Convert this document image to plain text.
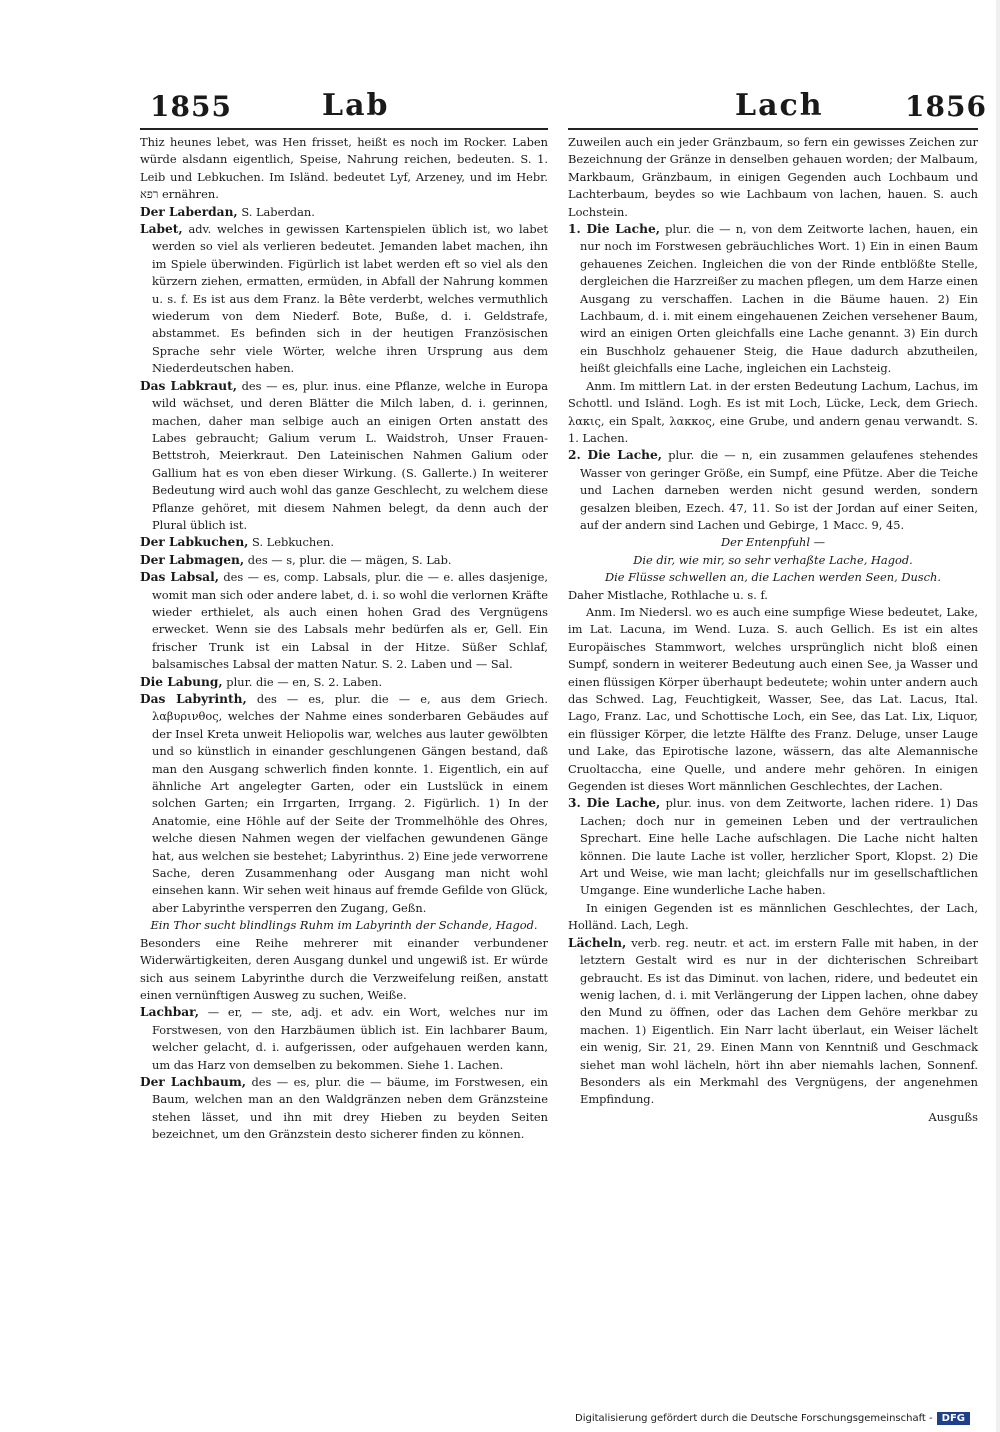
1855	Lab	Lach	1856

Thiz heunes lebet, was Hen frisset, heißt es noch im Rocker. Laben würde alsdann eigentlich, Speise, Nahrung reichen, bedeuten. S. 1. Leib und Lebkuchen. Im Isländ. bedeutet Lyf, Arzeney, und im Hebr. רפא ernähren.

Der Laberdan, S. Laberdan.

Labet, adv. welches in gewissen Kartenspielen üblich ist, wo labet werden so viel als verlieren bedeutet. Jemanden labet machen, ihn im Spiele überwinden. Figürlich ist labet werden eft so viel als den kürzern ziehen, ermatten, ermüden, in Abfall der Nahrung kommen u. s. f. Es ist aus dem Franz. la Bête verderbt, welches vermuthlich wiederum von dem Niederf. Bote, Buße, d. i. Geldstrafe, abstammet. Es befinden sich in der heutigen Französischen Sprache sehr viele Wörter, welche ihren Ursprung aus dem Niederdeutschen haben.

Das Labkraut, des — es, plur. inus. eine Pflanze, welche in Europa wild wächset, und deren Blätter die Milch laben, d. i. gerinnen, machen, daher man selbige auch an einigen Orten anstatt des Labes gebraucht; Galium verum L. Waidstroh, Unser Frauen-Bettstroh, Meierkraut. Den Lateinischen Nahmen Galium oder Gallium hat es von eben dieser Wirkung. (S. Gallerte.) In weiterer Bedeutung wird auch wohl das ganze Geschlecht, zu welchem diese Pflanze gehöret, mit diesem Nahmen belegt, da denn auch der Plural üblich ist.

Der Labkuchen, S. Lebkuchen.

Der Labmagen, des — s, plur. die — mägen, S. Lab.

Das Labsal, des — es, comp. Labsals, plur. die — e. alles dasjenige, womit man sich oder andere labet, d. i. so wohl die verlornen Kräfte wieder erthielet, als auch einen hohen Grad des Vergnügens erwecket. Wenn sie des Labsals mehr bedürfen als er, Gell. Ein frischer Trunk ist ein Labsal in der Hitze. Süßer Schlaf, balsamisches Labsal der matten Natur. S. 2. Laben und — Sal.

Die Labung, plur. die — en, S. 2. Laben.

Das Labyrinth, des — es, plur. die — e, aus dem Griech. λαβυρινθος, welches der Nahme eines sonderbaren Gebäudes auf der Insel Kreta unweit Heliopolis war, welches aus lauter gewölbten und so künstlich in einander geschlungenen Gängen bestand, daß man den Ausgang schwerlich finden konnte. 1. Eigentlich, ein auf ähnliche Art angelegter Garten, oder ein Lustslück in einem solchen Garten; ein Irrgarten, Irrgang. 2. Figürlich. 1) In der Anatomie, eine Höhle auf der Seite der Trommelhöhle des Ohres, welche diesen Nahmen wegen der vielfachen gewundenen Gänge hat, aus welchen sie bestehet; Labyrinthus. 2) Eine jede verworrene Sache, deren Zusammenhang oder Ausgang man nicht wohl einsehen kann. Wir sehen weit hinaus auf fremde Gefilde von Glück, aber Labyrinthe versperren den Zugang, Geßn.

Ein Thor sucht blindlings Ruhm im Labyrinth der Schande, Hagod.

Besonders eine Reihe mehrerer mit einander verbundener Widerwärtigkeiten, deren Ausgang dunkel und ungewiß ist. Er würde sich aus seinem Labyrinthe durch die Verzweifelung reißen, anstatt einen vernünftigen Ausweg zu suchen, Weiße.

Lachbar, — er, — ste, adj. et adv. ein Wort, welches nur im Forstwesen, von den Harzbäumen üblich ist. Ein lachbarer Baum, welcher gelacht, d. i. aufgerissen, oder aufgehauen werden kann, um das Harz von demselben zu bekommen. Siehe 1. Lachen.

Der Lachbaum, des — es, plur. die — bäume, im Forstwesen, ein Baum, welchen man an den Waldgränzen neben dem Gränzsteine stehen lässet, und ihn mit drey Hieben zu beyden Seiten bezeichnet, um den Gränzstein desto sicherer finden zu können.

Zuweilen auch ein jeder Gränzbaum, so fern ein gewisses Zeichen zur Bezeichnung der Gränze in denselben gehauen worden; der Malbaum, Markbaum, Gränzbaum, in einigen Gegenden auch Lochbaum und Lachterbaum, beydes so wie Lachbaum von lachen, hauen. S. auch Lochstein.

1. Die Lache, plur. die — n, von dem Zeitworte lachen, hauen, ein nur noch im Forstwesen gebräuchliches Wort. 1) Ein in einen Baum gehauenes Zeichen. Ingleichen die von der Rinde entblößte Stelle, dergleichen die Harzreißer zu machen pflegen, um dem Harze einen Ausgang zu verschaffen. Lachen in die Bäume hauen. 2) Ein Lachbaum, d. i. mit einem eingehauenen Zeichen versehener Baum, wird an einigen Orten gleichfalls eine Lache genannt. 3) Ein durch ein Buschholz gehauener Steig, die Haue dadurch abzutheilen, heißt gleichfalls eine Lache, ingleichen ein Lachsteig.

Anm. Im mittlern Lat. in der ersten Bedeutung Lachum, Lachus, im Schottl. und Isländ. Logh. Es ist mit Loch, Lücke, Leck, dem Griech. λακις, ein Spalt, λακκος, eine Grube, und andern genau verwandt. S. 1. Lachen.

2. Die Lache, plur. die — n, ein zusammen gelaufenes stehendes Wasser von geringer Größe, ein Sumpf, eine Pfütze. Aber die Teiche und Lachen darneben werden nicht gesund werden, sondern gesalzen bleiben, Ezech. 47, 11. So ist der Jordan auf einer Seiten, auf der andern sind Lachen und Gebirge, 1 Macc. 9, 45.

Der Entenpfuhl —

Die dir, wie mir, so sehr verhaßte Lache, Hagod.

Die Flüsse schwellen an, die Lachen werden Seen, Dusch.

Daher Mistlache, Rothlache u. s. f.

Anm. Im Niedersl. wo es auch eine sumpfige Wiese bedeutet, Lake, im Lat. Lacuna, im Wend. Luza. S. auch Gellich. Es ist ein altes Europäisches Stammwort, welches ursprünglich nicht bloß einen Sumpf, sondern in weiterer Bedeutung auch einen See, ja Wasser und einen flüssigen Körper überhaupt bedeutete; wohin unter andern auch das Schwed. Lag, Feuchtigkeit, Wasser, See, das Lat. Lacus, Ital. Lago, Franz. Lac, und Schottische Loch, ein See, das Lat. Lix, Liquor, ein flüssiger Körper, die letzte Hälfte des Franz. Deluge, unser Lauge und Lake, das Epirotische lazone, wässern, das alte Alemannische Cruoltaccha, eine Quelle, und andere mehr gehören. In einigen Gegenden ist dieses Wort männlichen Geschlechtes, der Lachen.

3. Die Lache, plur. inus. von dem Zeitworte, lachen ridere. 1) Das Lachen; doch nur in gemeinen Leben und der vertraulichen Sprechart. Eine helle Lache aufschlagen. Die Lache nicht halten können. Die laute Lache ist voller, herzlicher Sport, Klopst. 2) Die Art und Weise, wie man lacht; gleichfalls nur im gesellschaftlichen Umgange. Eine wunderliche Lache haben.

In einigen Gegenden ist es männlichen Geschlechtes, der Lach, Holländ. Lach, Legh.

Lächeln, verb. reg. neutr. et act. im erstern Falle mit haben, in der letztern Gestalt wird es nur in der dichterischen Schreibart gebraucht. Es ist das Diminut. von lachen, ridere, und bedeutet ein wenig lachen, d. i. mit Verlängerung der Lippen lachen, ohne dabey den Mund zu öffnen, oder das Lachen dem Gehöre merkbar zu machen. 1) Eigentlich. Ein Narr lacht überlaut, ein Weiser lächelt ein wenig, Sir. 21, 29. Einen Mann von Kenntniß und Geschmack siehet man wohl lächeln, hört ihn aber niemahls lachen, Sonnenf. Besonders als ein Merkmahl des Vergnügens, der angenehmen Empfindung.

Ausgußs

Digitalisierung gefördert durch die Deutsche Forschungsgemeinschaft - DFG
